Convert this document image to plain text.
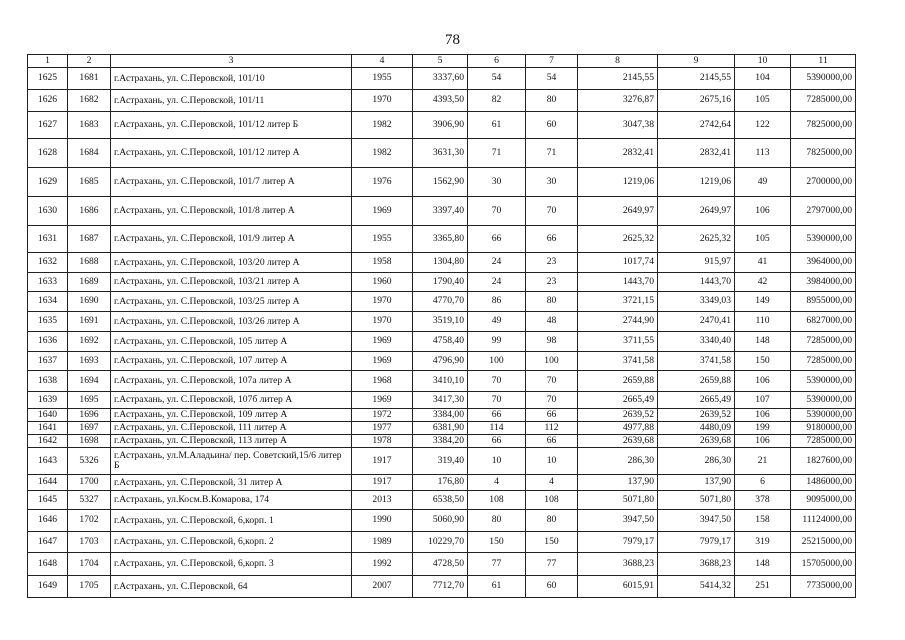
78
1	2	3	4	5	6	7	8	9	10	11
1625	1681	г.Астрахань, ул. С.Перовской, 101/10	1955	3337,60	54	54	2145,55	2145,55	104	5390000,00
1626	1682	г.Астрахань, ул. С.Перовской, 101/11	1970	4393,50	82	80	3276,87	2675,16	105	7285000,00
1627	1683	г.Астрахань, ул. С.Перовской, 101/12 литер Б	1982	3906,90	61	60	3047,38	2742,64	122	7825000,00
1628	1684	г.Астрахань, ул. С.Перовской, 101/12 литер А	1982	3631,30	71	71	2832,41	2832,41	113	7825000,00
1629	1685	г.Астрахань, ул. С.Перовской, 101/7 литер А	1976	1562,90	30	30	1219,06	1219,06	49	2700000,00
1630	1686	г.Астрахань, ул. С.Перовской, 101/8 литер А	1969	3397,40	70	70	2649,97	2649,97	106	2797000,00
1631	1687	г.Астрахань, ул. С.Перовской, 101/9 литер А	1955	3365,80	66	66	2625,32	2625,32	105	5390000,00
1632	1688	г.Астрахань, ул. С.Перовской, 103/20 литер А	1958	1304,80	24	23	1017,74	915,97	41	3964000,00
1633	1689	г.Астрахань, ул. С.Перовской, 103/21 литер А	1960	1790,40	24	23	1443,70	1443,70	42	3984000,00
1634	1690	г.Астрахань, ул. С.Перовской, 103/25 литер А	1970	4770,70	86	80	3721,15	3349,03	149	8955000,00
1635	1691	г.Астрахань, ул. С.Перовской, 103/26 литер А	1970	3519,10	49	48	2744,90	2470,41	110	6827000,00
1636	1692	г.Астрахань, ул. С.Перовской, 105 литер А	1969	4758,40	99	98	3711,55	3340,40	148	7285000,00
1637	1693	г.Астрахань, ул. С.Перовской, 107 литер А	1969	4796,90	100	100	3741,58	3741,58	150	7285000,00
1638	1694	г.Астрахань, ул. С.Перовской, 107а литер А	1968	3410,10	70	70	2659,88	2659,88	106	5390000,00
1639	1695	г.Астрахань, ул. С.Перовской, 107б литер А	1969	3417,30	70	70	2665,49	2665,49	107	5390000,00
1640	1696	г.Астрахань, ул. С.Перовской, 109 литер А	1972	3384,00	66	66	2639,52	2639,52	106	5390000,00
1641	1697	г.Астрахань, ул. С.Перовской, 111 литер А	1977	6381,90	114	112	4977,88	4480,09	199	9180000,00
1642	1698	г.Астрахань, ул. С.Перовской, 113 литер А	1978	3384,20	66	66	2639,68	2639,68	106	7285000,00
1643	5326	г.Астрахань, ул.М.Аладьина/ пер. Советский,15/6 литер Б	1917	319,40	10	10	286,30	286,30	21	1827600,00
1644	1700	г.Астрахань, ул. С.Перовской, 31 литер А	1917	176,80	4	4	137,90	137,90	6	1486000,00
1645	5327	г.Астрахань, ул.Косм.В.Комарова, 174	2013	6538,50	108	108	5071,80	5071,80	378	9095000,00
1646	1702	г.Астрахань, ул. С.Перовской, 6,корп. 1	1990	5060,90	80	80	3947,50	3947,50	158	11124000,00
1647	1703	г.Астрахань, ул. С.Перовской, 6,корп. 2	1989	10229,70	150	150	7979,17	7979,17	319	25215000,00
1648	1704	г.Астрахань, ул. С.Перовской, 6,корп. 3	1992	4728,50	77	77	3688,23	3688,23	148	15705000,00
1649	1705	г.Астрахань, ул. С.Перовской, 64	2007	7712,70	61	60	6015,91	5414,32	251	7735000,00
